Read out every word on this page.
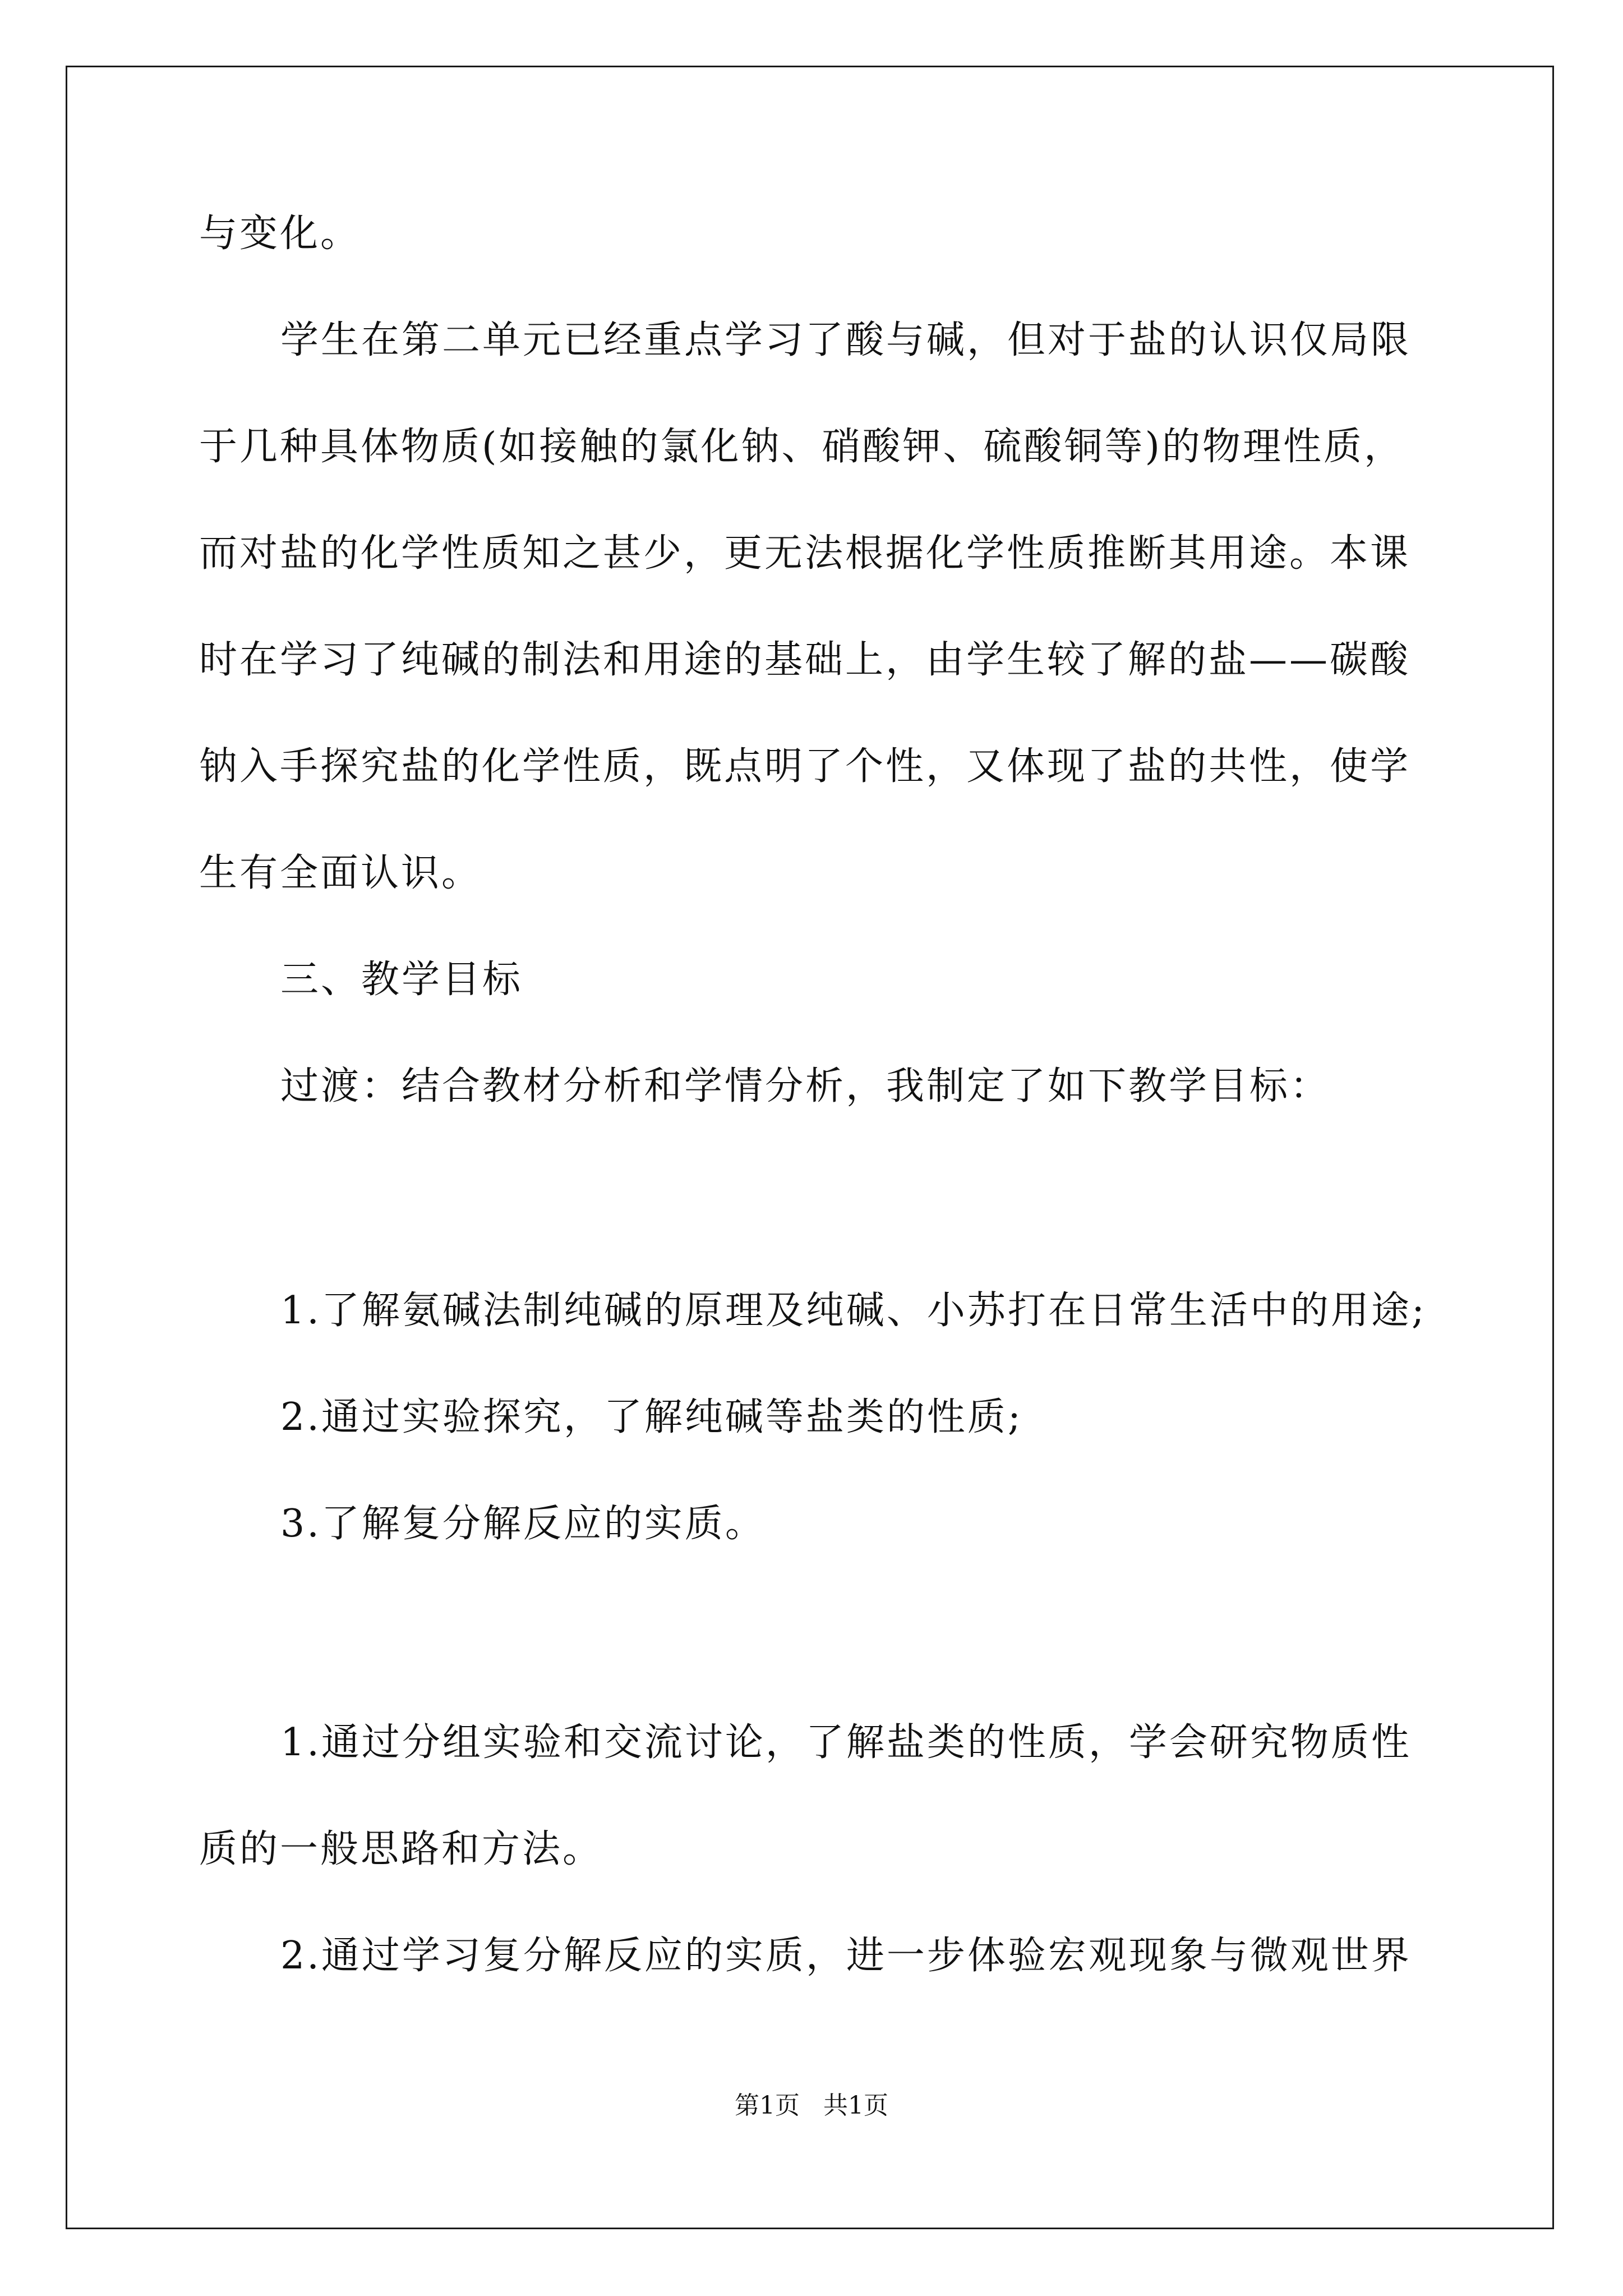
与变化。
学生在第二单元已经重点学习了酸与碱，但对于盐的认识仅局限
于几种具体物质(如接触的氯化钠、硝酸钾、硫酸铜等)的物理性质，
而对盐的化学性质知之甚少，更无法根据化学性质推断其用途。本课
时在学习了纯碱的制法和用途的基础上，由学生较了解的盐——碳酸
钠入手探究盐的化学性质，既点明了个性，又体现了盐的共性，使学
生有全面认识。
三、教学目标
过渡：结合教材分析和学情分析，我制定了如下教学目标：
1.了解氨碱法制纯碱的原理及纯碱、小苏打在日常生活中的用途;
2.通过实验探究，了解纯碱等盐类的性质;
3.了解复分解反应的实质。
1.通过分组实验和交流讨论，了解盐类的性质，学会研究物质性
质的一般思路和方法。
2.通过学习复分解反应的实质，进一步体验宏观现象与微观世界
第1页   共1页
